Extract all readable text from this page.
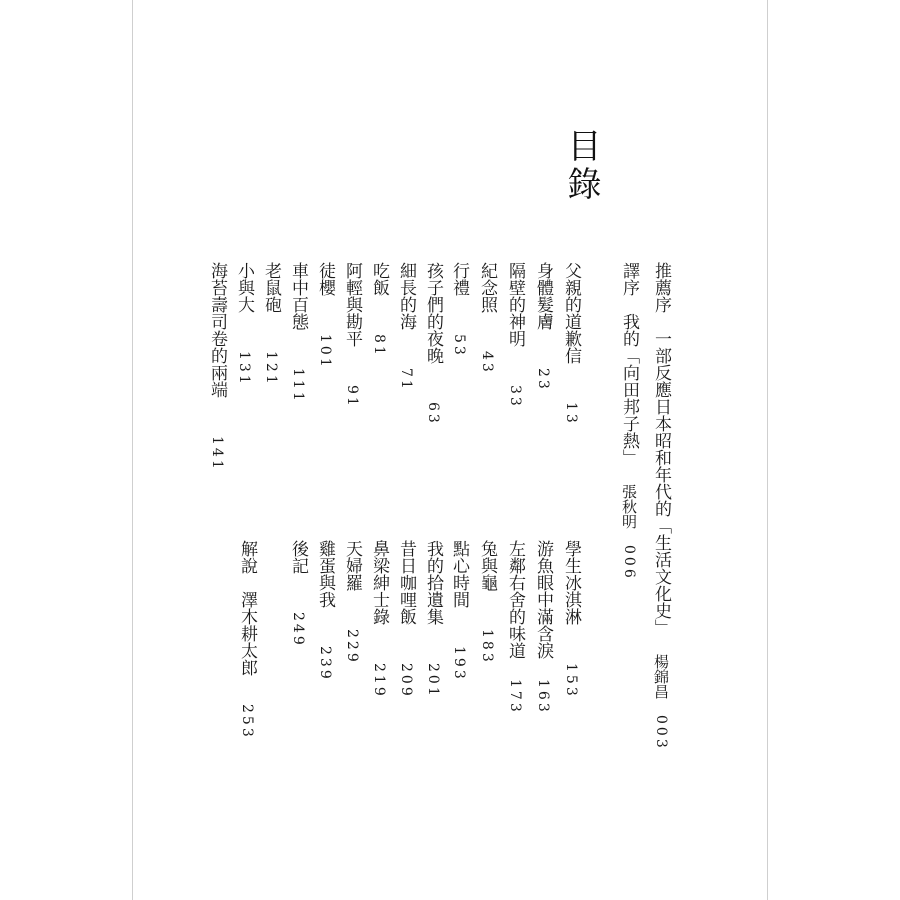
目錄
推薦序　一部反應日本昭和年代的「生活文化史」楊錦昌003
譯序　我的「向田邦子熱」張秋明006
父親的道歉信13
身體髮膚23
隔壁的神明33
紀念照43
行禮53
孩子們的夜晚63
細長的海71
吃飯81
阿輕與勘平91
徒櫻101
車中百態111
老鼠砲121
小與大131
海苔壽司卷的兩端141
學生冰淇淋153
游魚眼中滿含淚163
左鄰右舍的味道173
兔與龜183
點心時間193
我的拾遺集201
昔日咖哩飯209
鼻梁紳士錄219
天婦羅229
雞蛋與我239
後記249
解說　澤木耕太郎253
